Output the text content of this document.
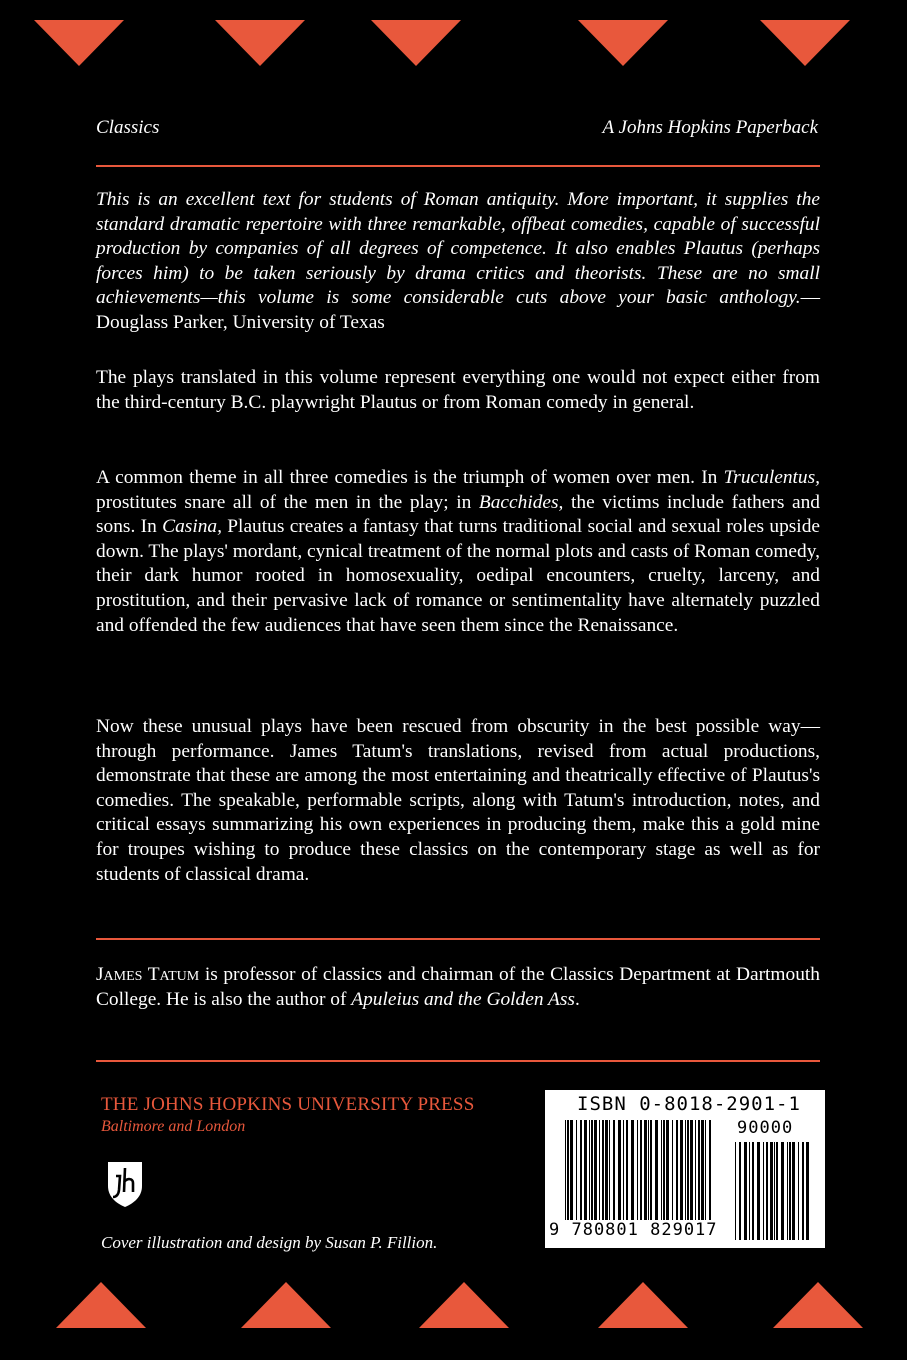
Classics	A Johns Hopkins Paperback

This is an excellent text for students of Roman antiquity. More important, it supplies the standard dramatic repertoire with three remarkable, offbeat comedies, capable of successful production by companies of all degrees of competence. It also enables Plautus (perhaps forces him) to be taken seriously by drama critics and theorists. These are no small achievements—this volume is some considerable cuts above your basic anthology.—Douglass Parker, University of Texas

The plays translated in this volume represent everything one would not expect either from the third-century B.C. playwright Plautus or from Roman comedy in general.

A common theme in all three comedies is the triumph of women over men. In Truculentus, prostitutes snare all of the men in the play; in Bacchides, the victims include fathers and sons. In Casina, Plautus creates a fantasy that turns traditional social and sexual roles upside down. The plays' mordant, cynical treatment of the normal plots and casts of Roman comedy, their dark humor rooted in homosexuality, oedipal encounters, cruelty, larceny, and prostitution, and their pervasive lack of romance or sentimentality have alternately puzzled and offended the few audiences that have seen them since the Renaissance.

Now these unusual plays have been rescued from obscurity in the best possible way—through performance. James Tatum's translations, revised from actual productions, demonstrate that these are among the most entertaining and theatrically effective of Plautus's comedies. The speakable, performable scripts, along with Tatum's introduction, notes, and critical essays summarizing his own experiences in producing them, make this a gold mine for troupes wishing to produce these classics on the contemporary stage as well as for students of classical drama.

James Tatum is professor of classics and chairman of the Classics Department at Dartmouth College. He is also the author of Apuleius and the Golden Ass.

THE JOHNS HOPKINS UNIVERSITY PRESS
Baltimore and London
Cover illustration and design by Susan P. Fillion.
ISBN 0-8018-2901-1
90000
9 780801 829017
